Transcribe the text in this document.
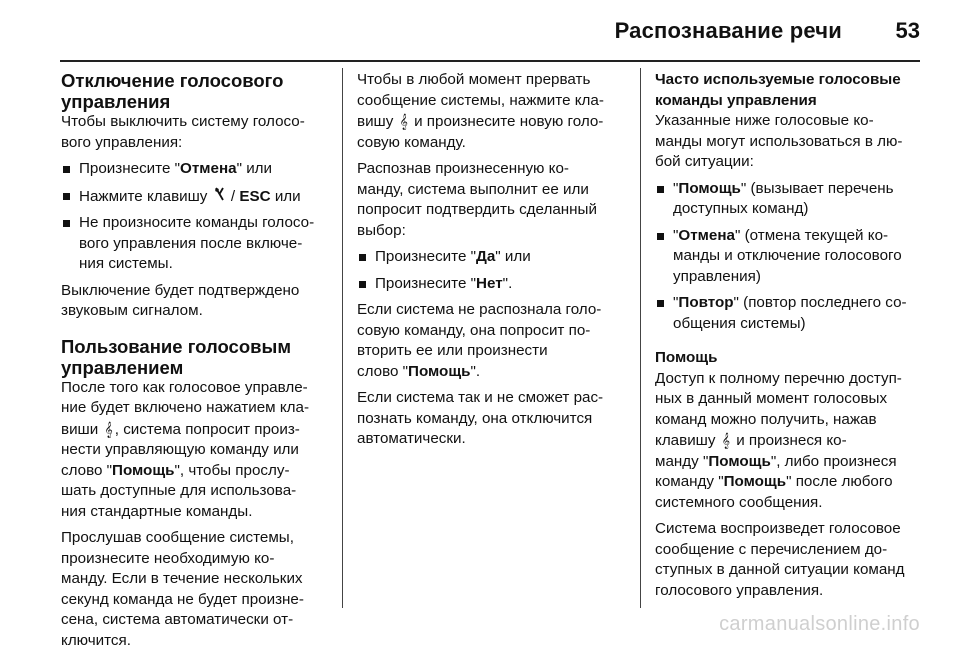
Распознавание речи 53
Отключение голосового
управления
Чтобы выключить систему голосо-
вого управления:
Произнесите "Отмена" или
Нажмите клавишу / ESC или
Не произносите команды голосо-
вого управления после включе-
ния системы.
Выключение будет подтверждено
звуковым сигналом.
Пользование голосовым
управлением
После того как голосовое управле-
ние будет включено нажатием кла-
виши 𝄞 , система попросит произ-
нести управляющую команду или
слово "Помощь", чтобы прослу-
шать доступные для использова-
ния стандартные команды.
Прослушав сообщение системы,
произнесите необходимую ко-
манду. Если в течение нескольких
секунд команда не будет произне-
сена, система автоматически от-
ключится.
Чтобы в любой момент прервать
сообщение системы, нажмите кла-
вишу 𝄞 и произнесите новую голо-
совую команду.
Распознав произнесенную ко-
манду, система выполнит ее или
попросит подтвердить сделанный
выбор:
Произнесите "Да" или
Произнесите "Нет".
Если система не распознала голо-
совую команду, она попросит по-
вторить ее или произнести
слово "Помощь".
Если система так и не сможет рас-
познать команду, она отключится
автоматически.
Часто используемые голосовые
команды управления
Указанные ниже голосовые ко-
манды могут использоваться в лю-
бой ситуации:
"Помощь" (вызывает перечень
доступных команд)
"Отмена" (отмена текущей ко-
манды и отключение голосового
управления)
"Повтор" (повтор последнего со-
общения системы)
Помощь
Доступ к полному перечню доступ-
ных в данный момент голосовых
команд можно получить, нажав
клавишу 𝄞 и произнеся ко-
манду "Помощь", либо произнеся
команду "Помощь" после любого
системного сообщения.
Система воспроизведет голосовое
сообщение с перечислением до-
ступных в данной ситуации команд
голосового управления.
carmanualsonline.info
